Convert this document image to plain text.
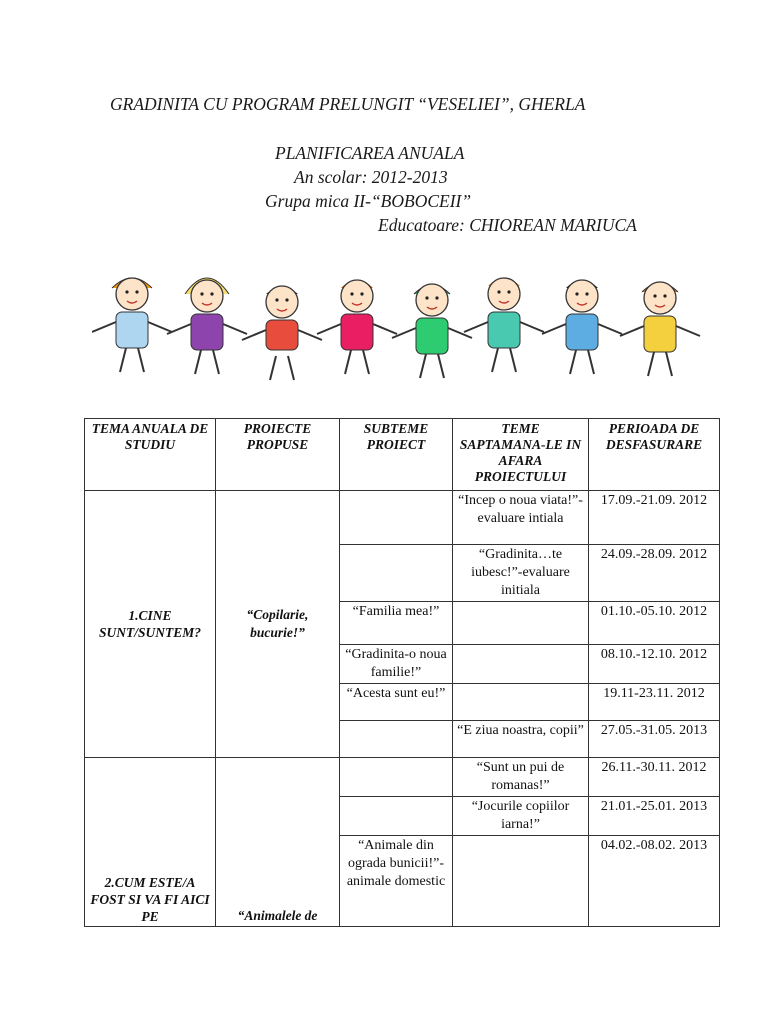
GRADINITA CU PROGRAM PRELUNGIT “VESELIEI”, GHERLA
PLANIFICAREA ANUALA
An scolar: 2012-2013
Grupa mica II-“BOBOCEII”
Educatoare: CHIOREAN MARIUCA
TEMA ANUALA DE STUDIU	PROIECTE PROPUSE	SUBTEME PROIECT	TEME SAPTAMANA-LE IN AFARA PROIECTULUI	PERIOADA DE DESFASURARE
1.CINE SUNT/SUNTEM?	“Copilarie, bucurie!”		“Incep o noua viata!”-evaluare intiala	17.09.-21.09. 2012
			“Gradinita…te iubesc!”-evaluare initiala	24.09.-28.09. 2012
		“Familia mea!”		01.10.-05.10. 2012
		“Gradinita-o noua familie!”		08.10.-12.10. 2012
		“Acesta sunt eu!”		19.11-23.11. 2012
			“E ziua noastra, copii”	27.05.-31.05. 2013
2.CUM ESTE/A FOST SI VA FI AICI PE	“Animalele de		“Sunt un pui de romanas!”	26.11.-30.11. 2012
			“Jocurile copiilor iarna!”	21.01.-25.01. 2013
		“Animale din ograda bunicii!”-animale domestic		04.02.-08.02. 2013
